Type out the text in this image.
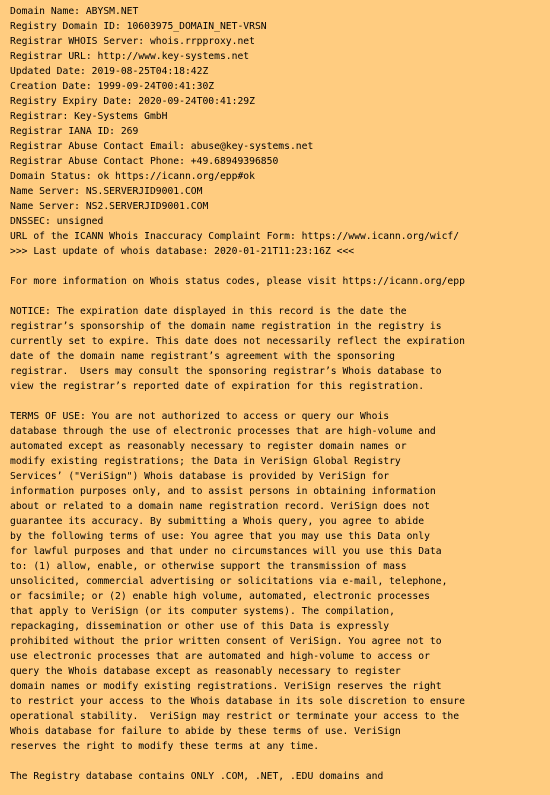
Domain Name: ABYSM.NET
Registry Domain ID: 10603975_DOMAIN_NET-VRSN
Registrar WHOIS Server: whois.rrpproxy.net
Registrar URL: http://www.key-systems.net
Updated Date: 2019-08-25T04:18:42Z
Creation Date: 1999-09-24T00:41:30Z
Registry Expiry Date: 2020-09-24T00:41:29Z
Registrar: Key-Systems GmbH
Registrar IANA ID: 269
Registrar Abuse Contact Email: abuse@key-systems.net
Registrar Abuse Contact Phone: +49.68949396850
Domain Status: ok https://icann.org/epp#ok
Name Server: NS.SERVERJID9001.COM
Name Server: NS2.SERVERJID9001.COM
DNSSEC: unsigned
URL of the ICANN Whois Inaccuracy Complaint Form: https://www.icann.org/wicf/
>>> Last update of whois database: 2020-01-21T11:23:16Z <<<
For more information on Whois status codes, please visit https://icann.org/epp
NOTICE: The expiration date displayed in this record is the date the
registrar’s sponsorship of the domain name registration in the registry is
currently set to expire. This date does not necessarily reflect the expiration
date of the domain name registrant’s agreement with the sponsoring
registrar.  Users may consult the sponsoring registrar’s Whois database to
view the registrar’s reported date of expiration for this registration.
TERMS OF USE: You are not authorized to access or query our Whois
database through the use of electronic processes that are high-volume and
automated except as reasonably necessary to register domain names or
modify existing registrations; the Data in VeriSign Global Registry
Services’ ("VeriSign") Whois database is provided by VeriSign for
information purposes only, and to assist persons in obtaining information
about or related to a domain name registration record. VeriSign does not
guarantee its accuracy. By submitting a Whois query, you agree to abide
by the following terms of use: You agree that you may use this Data only
for lawful purposes and that under no circumstances will you use this Data
to: (1) allow, enable, or otherwise support the transmission of mass
unsolicited, commercial advertising or solicitations via e-mail, telephone,
or facsimile; or (2) enable high volume, automated, electronic processes
that apply to VeriSign (or its computer systems). The compilation,
repackaging, dissemination or other use of this Data is expressly
prohibited without the prior written consent of VeriSign. You agree not to
use electronic processes that are automated and high-volume to access or
query the Whois database except as reasonably necessary to register
domain names or modify existing registrations. VeriSign reserves the right
to restrict your access to the Whois database in its sole discretion to ensure
operational stability.  VeriSign may restrict or terminate your access to the
Whois database for failure to abide by these terms of use. VeriSign
reserves the right to modify these terms at any time.
The Registry database contains ONLY .COM, .NET, .EDU domains and
